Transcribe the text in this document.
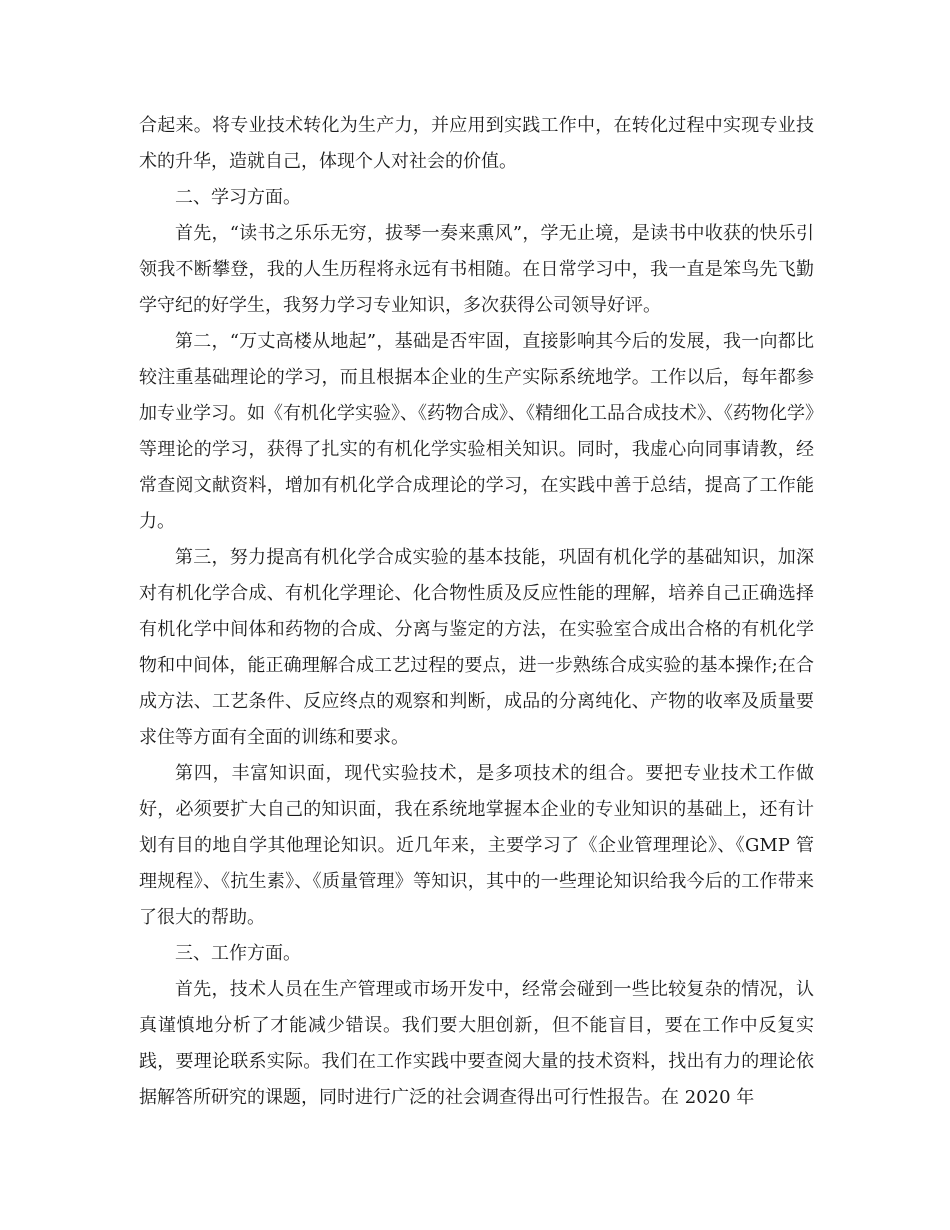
合起来。将专业技术转化为生产力，并应用到实践工作中，在转化过程中实现专业技术的升华，造就自己，体现个人对社会的价值。

二、学习方面。

首先，“读书之乐乐无穷，拔琴一奏来熏风”，学无止境，是读书中收获的快乐引领我不断攀登，我的人生历程将永远有书相随。在日常学习中，我一直是笨鸟先飞勤学守纪的好学生，我努力学习专业知识，多次获得公司领导好评。

第二，“万丈高楼从地起”，基础是否牢固，直接影响其今后的发展，我一向都比较注重基础理论的学习，而且根据本企业的生产实际系统地学。工作以后，每年都参加专业学习。如《有机化学实验》、《药物合成》、《精细化工品合成技术》、《药物化学》等理论的学习，获得了扎实的有机化学实验相关知识。同时，我虚心向同事请教，经常查阅文献资料，增加有机化学合成理论的学习，在实践中善于总结，提高了工作能力。

第三，努力提高有机化学合成实验的基本技能，巩固有机化学的基础知识，加深对有机化学合成、有机化学理论、化合物性质及反应性能的理解，培养自己正确选择有机化学中间体和药物的合成、分离与鉴定的方法，在实验室合成出合格的有机化学物和中间体，能正确理解合成工艺过程的要点，进一步熟练合成实验的基本操作;在合成方法、工艺条件、反应终点的观察和判断，成品的分离纯化、产物的收率及质量要求住等方面有全面的训练和要求。

第四，丰富知识面，现代实验技术，是多项技术的组合。要把专业技术工作做好，必须要扩大自己的知识面，我在系统地掌握本企业的专业知识的基础上，还有计划有目的地自学其他理论知识。近几年来，主要学习了《企业管理理论》、《GMP 管理规程》、《抗生素》、《质量管理》等知识，其中的一些理论知识给我今后的工作带来了很大的帮助。

三、工作方面。

首先，技术人员在生产管理或市场开发中，经常会碰到一些比较复杂的情况，认真谨慎地分析了才能减少错误。我们要大胆创新，但不能盲目，要在工作中反复实践，要理论联系实际。我们在工作实践中要查阅大量的技术资料，找出有力的理论依据解答所研究的课题，同时进行广泛的社会调查得出可行性报告。在 2020 年
